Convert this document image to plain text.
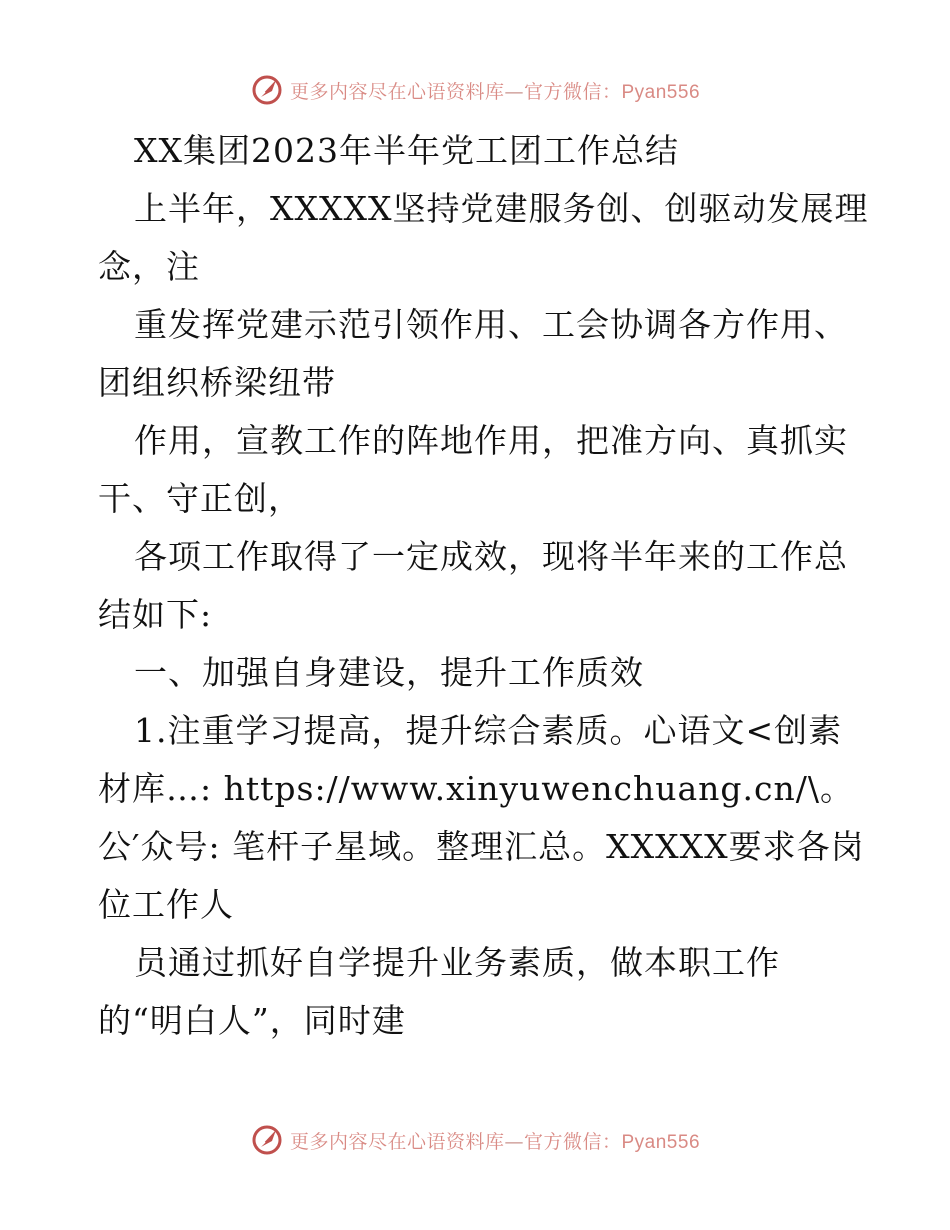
更多内容尽在心语资料库—官方微信：Pyan556
XX集团2023年半年党工团工作总结
上半年，XXXXX坚持党建服务创、创驱动发展理
念，注
重发挥党建示范引领作用、工会协调各方作用、
团组织桥梁纽带
作用，宣教工作的阵地作用，把准方向、真抓实
干、守正创，
各项工作取得了一定成效，现将半年来的工作总
结如下:
一、加强自身建设，提升工作质效
1.注重学习提高，提升综合素质。心语文<创素
材库…: https://www.xinyuwenchuang.cn/\。
公′众号: 笔杆子星域。整理汇总。XXXXX要求各岗
位工作人
员通过抓好自学提升业务素质，做本职工作
的“明白人”，同时建
更多内容尽在心语资料库—官方微信：Pyan556
